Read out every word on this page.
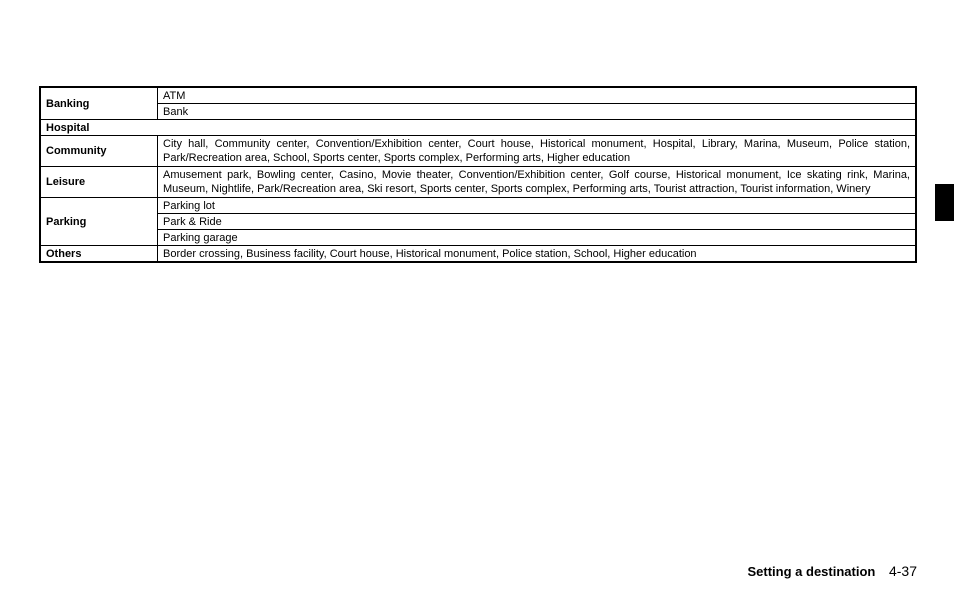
Banking	ATM
	Bank
Hospital	
Community	City hall, Community center, Convention/Exhibition center, Court house, Historical monument, Hospital, Library, Marina, Museum, Police station, Park/Recreation area, School, Sports center, Sports complex, Performing arts, Higher education
Leisure	Amusement park, Bowling center, Casino, Movie theater, Convention/Exhibition center, Golf course, Historical monument, Ice skating rink, Marina, Museum, Nightlife, Park/Recreation area, Ski resort, Sports center, Sports complex, Performing arts, Tourist attraction, Tourist information, Winery
Parking	Parking lot
	Park & Ride
	Parking garage
Others	Border crossing, Business facility, Court house, Historical monument, Police station, School, Higher education
Setting a destination 4-37
